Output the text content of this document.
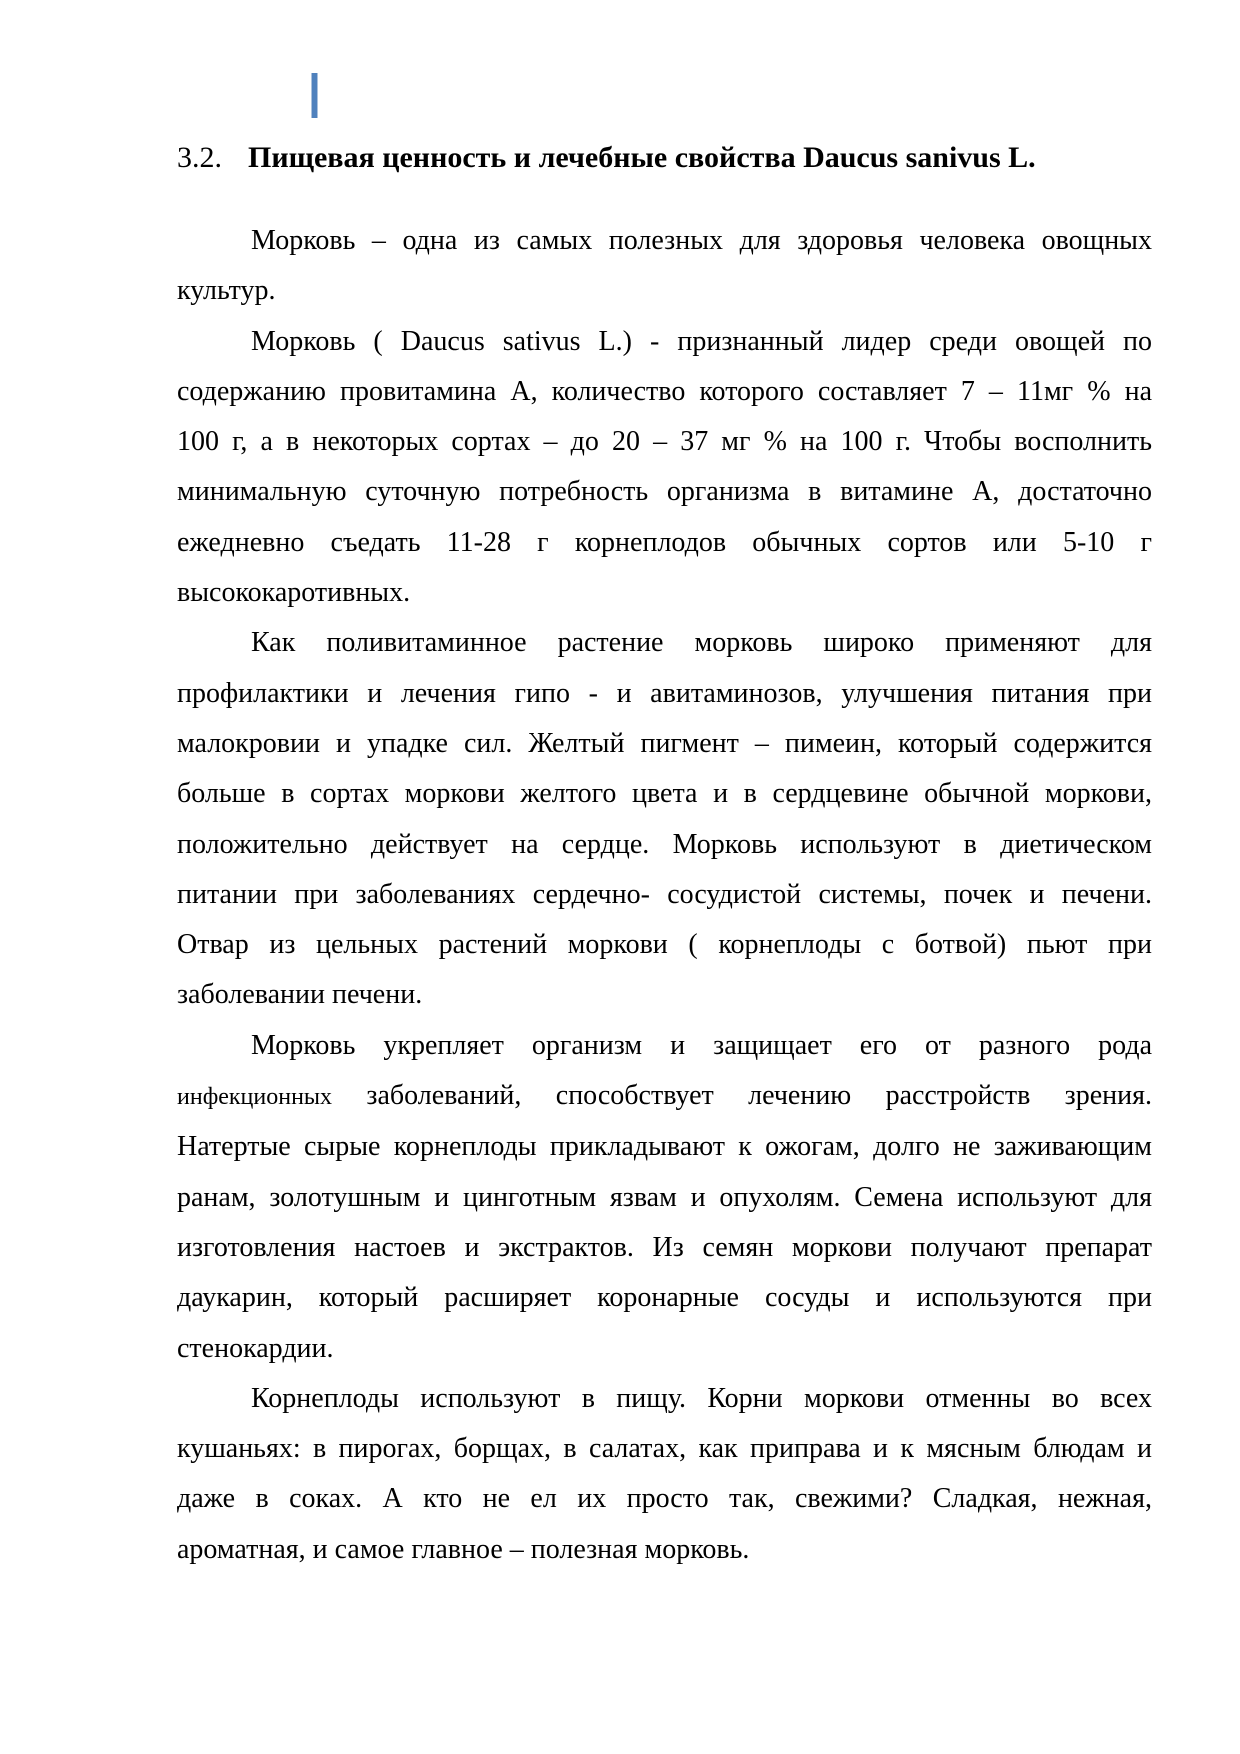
3.2. Пищевая ценность и лечебные свойства Daucus sanivus L.
Морковь – одна из самых полезных для здоровья человека овощных
культур.
Морковь ( Daucus sativus L.) - признанный лидер среди овощей по
содержанию провитамина А, количество которого составляет 7 – 11мг % на
100 г, а в некоторых сортах – до 20 – 37 мг % на 100 г. Чтобы восполнить
минимальную суточную потребность организма в витамине А, достаточно
ежедневно съедать 11-28 г корнеплодов обычных сортов или 5-10 г
высококаротивных.
Как поливитаминное растение морковь широко применяют для
профилактики и лечения гипо - и авитаминозов, улучшения питания при
малокровии и упадке сил. Желтый пигмент – пимеин, который содержится
больше в сортах моркови желтого цвета и в сердцевине обычной моркови,
положительно действует на сердце. Морковь используют в диетическом
питании при заболеваниях сердечно- сосудистой системы, почек и печени.
Отвар из цельных растений моркови ( корнеплоды с ботвой) пьют при
заболевании печени.
Морковь укрепляет организм и защищает его от разного рода
инфекционных заболеваний, способствует лечению расстройств зрения.
Натертые сырые корнеплоды прикладывают к ожогам, долго не заживающим
ранам, золотушным и цинготным язвам и опухолям. Семена используют для
изготовления настоев и экстрактов. Из семян моркови получают препарат
даукарин, который расширяет коронарные сосуды и используются при
стенокардии.
Корнеплоды используют в пищу. Корни моркови отменны во всех
кушаньях: в пирогах, борщах, в салатах, как приправа и к мясным блюдам и
даже в соках. А кто не ел их просто так, свежими? Сладкая, нежная,
ароматная, и самое главное – полезная морковь.
